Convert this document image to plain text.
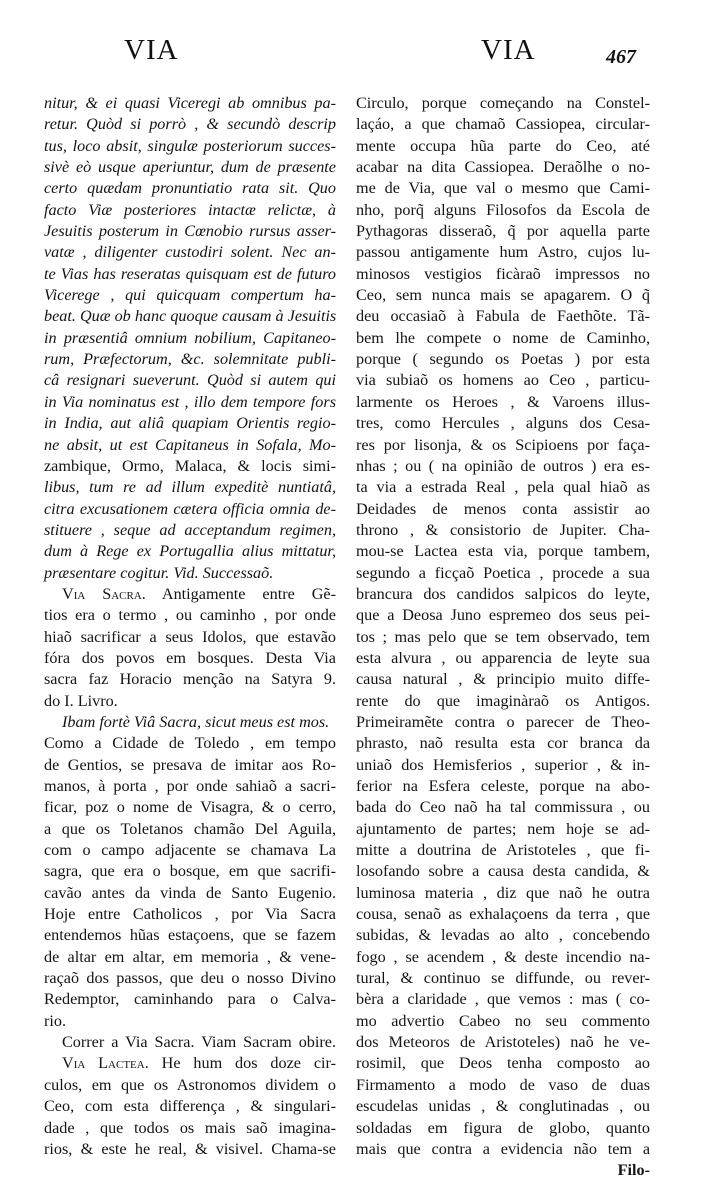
VIA	VIA	467
nitur, & ei quasi Viceregi ab omnibus pa-
retur. Quòd si porrò , & secundò descrip
tus, loco absit, singulæ posteriorum succes-
sivè eò usque aperiuntur, dum de præsente
certo quædam pronuntiatio rata sit. Quo
facto Viæ posteriores intactæ relictæ, à
Jesuitis posterum in Cœnobio rursus asser-
vatæ , diligenter custodiri solent. Nec an-
te Vias has reseratas quisquam est de futuro
Vicerege , qui quicquam compertum ha-
beat. Quæ ob hanc quoque causam à Jesuitis
in præsentiâ omnium nobilium, Capitaneo-
rum, Præfectorum, &c. solemnitate publi-
câ resignari sueverunt. Quòd si autem qui
in Via nominatus est , illo dem tempore fors
in India, aut aliâ quapiam Orientis regio-
ne absit, ut est Capitaneus in Sofala, Mo-
zambique, Ormo, Malaca, & locis simi-
libus, tum re ad illum expeditè nuntiatâ,
citra excusationem cætera officia omnia de-
stituere , seque ad acceptandum regimen,
dum à Rege ex Portugallia alius mittatur,
præsentare cogitur. Vid. Successaõ.
Via Sacra. Antigamente entre Gẽ-
tios era o termo , ou caminho , por onde
hiaõ sacrificar a seus Idolos, que estavão
fóra dos povos em bosques. Desta Via
sacra faz Horacio menção na Satyra 9.
do I. Livro.
Ibam fortè Viâ Sacra, sicut meus est mos.
Como a Cidade de Toledo , em tempo
de Gentios, se presava de imitar aos Ro-
manos, à porta , por onde sahiaõ a sacri-
ficar, poz o nome de Visagra, & o cerro,
a que os Toletanos chamão Del Aguila,
com o campo adjacente se chamava La
sagra, que era o bosque, em que sacrifi-
cavão antes da vinda de Santo Eugenio.
Hoje entre Catholicos , por Via Sacra
entendemos hũas estaçoens, que se fazem
de altar em altar, em memoria , & vene-
raçaõ dos passos, que deu o nosso Divino
Redemptor, caminhando para o Calva-
rio.
Correr a Via Sacra. Viam Sacram obire.
Via Lactea. He hum dos doze cir-
culos, em que os Astronomos dividem o
Ceo, com esta differença , & singulari-
dade , que todos os mais saõ imagina-
rios, & este he real, & visivel. Chama-se
Circulo, porque começando na Constel-
laçáo, a que chamaõ Cassiopea, circular-
mente occupa hũa parte do Ceo, até
acabar na dita Cassiopea. Deraõlhe o no-
me de Via, que val o mesmo que Cami-
nho, porq̃ alguns Filosofos da Escola de
Pythagoras disseraõ, q̃ por aquella parte
passou antigamente hum Astro, cujos lu-
minosos vestigios ficàraõ impressos no
Ceo, sem nunca mais se apagarem. O q̃
deu occasiaõ à Fabula de Faethõte. Tã-
bem lhe compete o nome de Caminho,
porque ( segundo os Poetas ) por esta
via subiaõ os homens ao Ceo , particu-
larmente os Heroes , & Varoens illus-
tres, como Hercules , alguns dos Cesa-
res por lisonja, & os Scipioens por faça-
nhas ; ou ( na opinião de outros ) era es-
ta via a estrada Real , pela qual hiaõ as
Deidades de menos conta assistir ao
throno , & consistorio de Jupiter. Cha-
mou-se Lactea esta via, porque tambem,
segundo a ficçaõ Poetica , procede a sua
brancura dos candidos salpicos do leyte,
que a Deosa Juno espremeo dos seus pei-
tos ; mas pelo que se tem observado, tem
esta alvura , ou apparencia de leyte sua
causa natural , & principio muito diffe-
rente do que imaginàraõ os Antigos.
Primeiramẽte contra o parecer de Theo-
phrasto, naõ resulta esta cor branca da
uniaõ dos Hemisferios , superior , & in-
ferior na Esfera celeste, porque na abo-
bada do Ceo naõ ha tal commissura , ou
ajuntamento de partes; nem hoje se ad-
mitte a doutrina de Aristoteles , que fi-
losofando sobre a causa desta candida, &
luminosa materia , diz que naõ he outra
cousa, senaõ as exhalaçoens da terra , que
subidas, & levadas ao alto , concebendo
fogo , se acendem , & deste incendio na-
tural, & continuo se diffunde, ou rever-
bèra a claridade , que vemos : mas ( co-
mo advertio Cabeo no seu commento
dos Meteoros de Aristoteles) naõ he ve-
rosimil, que Deos tenha composto ao
Firmamento a modo de vaso de duas
escudelas unidas , & conglutinadas , ou
soldadas em figura de globo, quanto
mais que contra a evidencia não tem a
Filo-
